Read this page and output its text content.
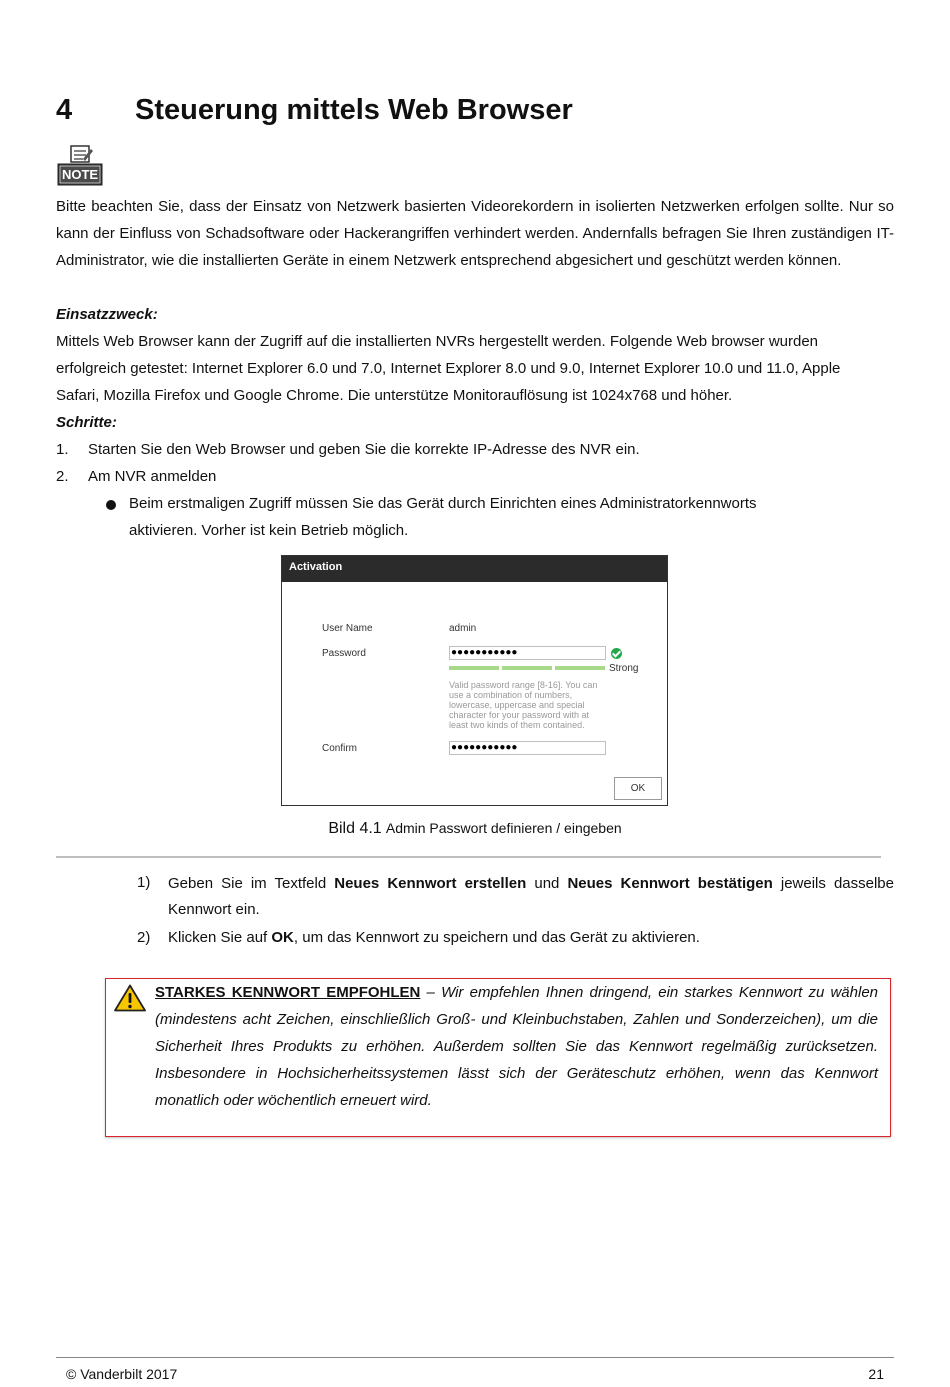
4 Steuerung mittels Web Browser
NOTE
Bitte beachten Sie, dass der Einsatz von Netzwerk basierten Videorekordern in isolierten Netzwerken erfolgen sollte. Nur so kann der Einfluss von Schadsoftware oder Hackerangriffen verhindert werden. Andernfalls befragen Sie Ihren zuständigen IT-Administrator, wie die installierten Geräte in einem Netzwerk entsprechend abgesichert und geschützt werden können.
Einsatzzweck:
Mittels Web Browser kann der Zugriff auf die installierten NVRs hergestellt werden. Folgende Web browser wurden
erfolgreich getestet: Internet Explorer 6.0 und 7.0, Internet Explorer 8.0 und 9.0, Internet Explorer 10.0 und 11.0, Apple
Safari, Mozilla Firefox und Google Chrome. Die unterstütze Monitorauflösung ist 1024x768 und höher.
Schritte:
1. Starten Sie den Web Browser und geben Sie die korrekte IP-Adresse des NVR ein.
2. Am NVR anmelden
Beim erstmaligen Zugriff müssen Sie das Gerät durch Einrichten eines Administratorkennworts
aktivieren. Vorher ist kein Betrieb möglich.
Activation
User Name	admin
Password	●●●●●●●●●●●
Strong
Valid password range [8-16]. You can use a combination of numbers, lowercase, uppercase and special character for your password with at least two kinds of them contained.
Confirm	●●●●●●●●●●●
OK
Bild 4.1 Admin Passwort definieren / eingeben
1) Geben Sie im Textfeld Neues Kennwort erstellen und Neues Kennwort bestätigen jeweils dasselbe
Kennwort ein.
2) Klicken Sie auf OK, um das Kennwort zu speichern und das Gerät zu aktivieren.
STARKES KENNWORT EMPFOHLEN – Wir empfehlen Ihnen dringend, ein starkes Kennwort zu wählen (mindestens acht Zeichen, einschließlich Groß- und Kleinbuchstaben, Zahlen und Sonderzeichen), um die Sicherheit Ihres Produkts zu erhöhen. Außerdem sollten Sie das Kennwort regelmäßig zurücksetzen. Insbesondere in Hochsicherheitssystemen lässt sich der Geräteschutz erhöhen, wenn das Kennwort monatlich oder wöchentlich erneuert wird.
© Vanderbilt 2017	21
